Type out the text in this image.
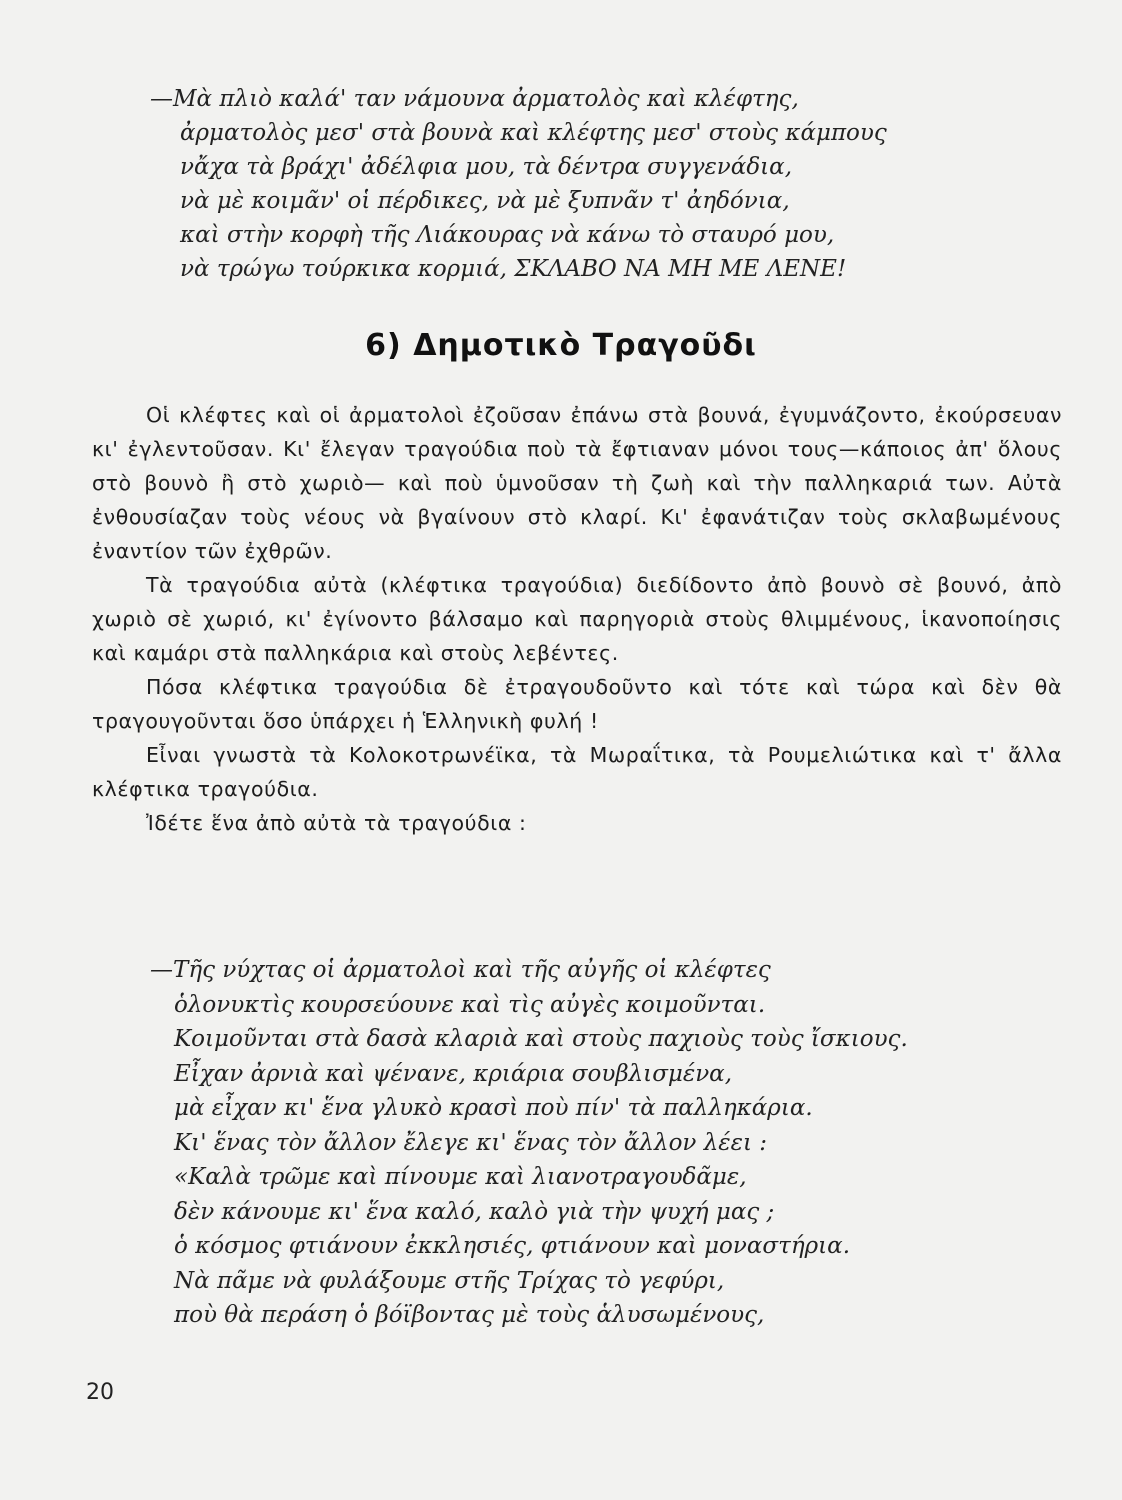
—Μὰ πλιὸ καλά' ταν νάμουνα ἀρματολὸς καὶ κλέφτης,
ἀρματολὸς μεσ' στὰ βουνὰ καὶ κλέφτης μεσ' στοὺς κάμπους
νἄχα τὰ βράχι' ἀδέλφια μου, τὰ δέντρα συγγενάδια,
νὰ μὲ κοιμᾶν' οἱ πέρδικες, νὰ μὲ ξυπνᾶν τ' ἀηδόνια,
καὶ στὴν κορφὴ τῆς Λιάκουρας νὰ κάνω τὸ σταυρό μου,
νὰ τρώγω τούρκικα κορμιά, ΣΚΛΑΒΟ ΝΑ ΜΗ ΜΕ ΛΕΝΕ!
6) Δημοτικὸ Τραγοῦδι

Οἱ κλέφτες καὶ οἱ ἀρματολοὶ ἐζοῦσαν ἐπάνω στὰ βουνά, ἐγυμνάζοντο, ἐκούρσευαν κι' ἐγλεντοῦσαν. Κι' ἔλεγαν τραγούδια ποὺ τὰ ἔφτιαναν μόνοι τους—κάποιος ἀπ' ὅλους στὸ βουνὸ ἢ στὸ χωριὸ— καὶ ποὺ ὑμνοῦσαν τὴ ζωὴ καὶ τὴν παλληκαριά των. Αὐτὰ ἐνθουσίαζαν τοὺς νέους νὰ βγαίνουν στὸ κλαρί. Κι' ἐφανάτιζαν τοὺς σκλαβωμένους ἐναντίον τῶν ἐχθρῶν.

Τὰ τραγούδια αὐτὰ (κλέφτικα τραγούδια) διεδίδοντο ἀπὸ βουνὸ σὲ βουνό, ἀπὸ χωριὸ σὲ χωριό, κι' ἐγίνοντο βάλσαμο καὶ παρηγοριὰ στοὺς θλιμμένους, ἱκανοποίησις καὶ καμάρι στὰ παλληκάρια καὶ στοὺς λεβέντες.

Πόσα κλέφτικα τραγούδια δὲ ἐτραγουδοῦντο καὶ τότε καὶ τώρα καὶ δὲν θὰ τραγουγοῦνται ὅσο ὑπάρχει ἡ Ἑλληνικὴ φυλή !

Εἶναι γνωστὰ τὰ Κολοκοτρωνέϊκα, τὰ Μωραΐτικα, τὰ Ρουμελιώτικα καὶ τ' ἄλλα κλέφτικα τραγούδια.

Ἰδέτε ἕνα ἀπὸ αὐτὰ τὰ τραγούδια :

—Τῆς νύχτας οἱ ἀρματολοὶ καὶ τῆς αὐγῆς οἱ κλέφτες
ὁλονυκτὶς κουρσεύουνε καὶ τὶς αὐγὲς κοιμοῦνται.
Κοιμοῦνται στὰ δασὰ κλαριὰ καὶ στοὺς παχιοὺς τοὺς ἴσκιους.
Εἶχαν ἀρνιὰ καὶ ψένανε, κριάρια σουβλισμένα,
μὰ εἶχαν κι' ἕνα γλυκὸ κρασὶ ποὺ πίν' τὰ παλληκάρια.
Κι' ἕνας τὸν ἄλλον ἔλεγε κι' ἕνας τὸν ἄλλον λέει :
«Καλὰ τρῶμε καὶ πίνουμε καὶ λιανοτραγουδᾶμε,
δὲν κάνουμε κι' ἕνα καλό, καλὸ γιὰ τὴν ψυχή μας ;
ὁ κόσμος φτιάνουν ἐκκλησιές, φτιάνουν καὶ μοναστήρια.
Νὰ πᾶμε νὰ φυλάξουμε στῆς Τρίχας τὸ γεφύρι,
ποὺ θὰ περάση ὁ βόϊβοντας μὲ τοὺς ἁλυσωμένους,
20
